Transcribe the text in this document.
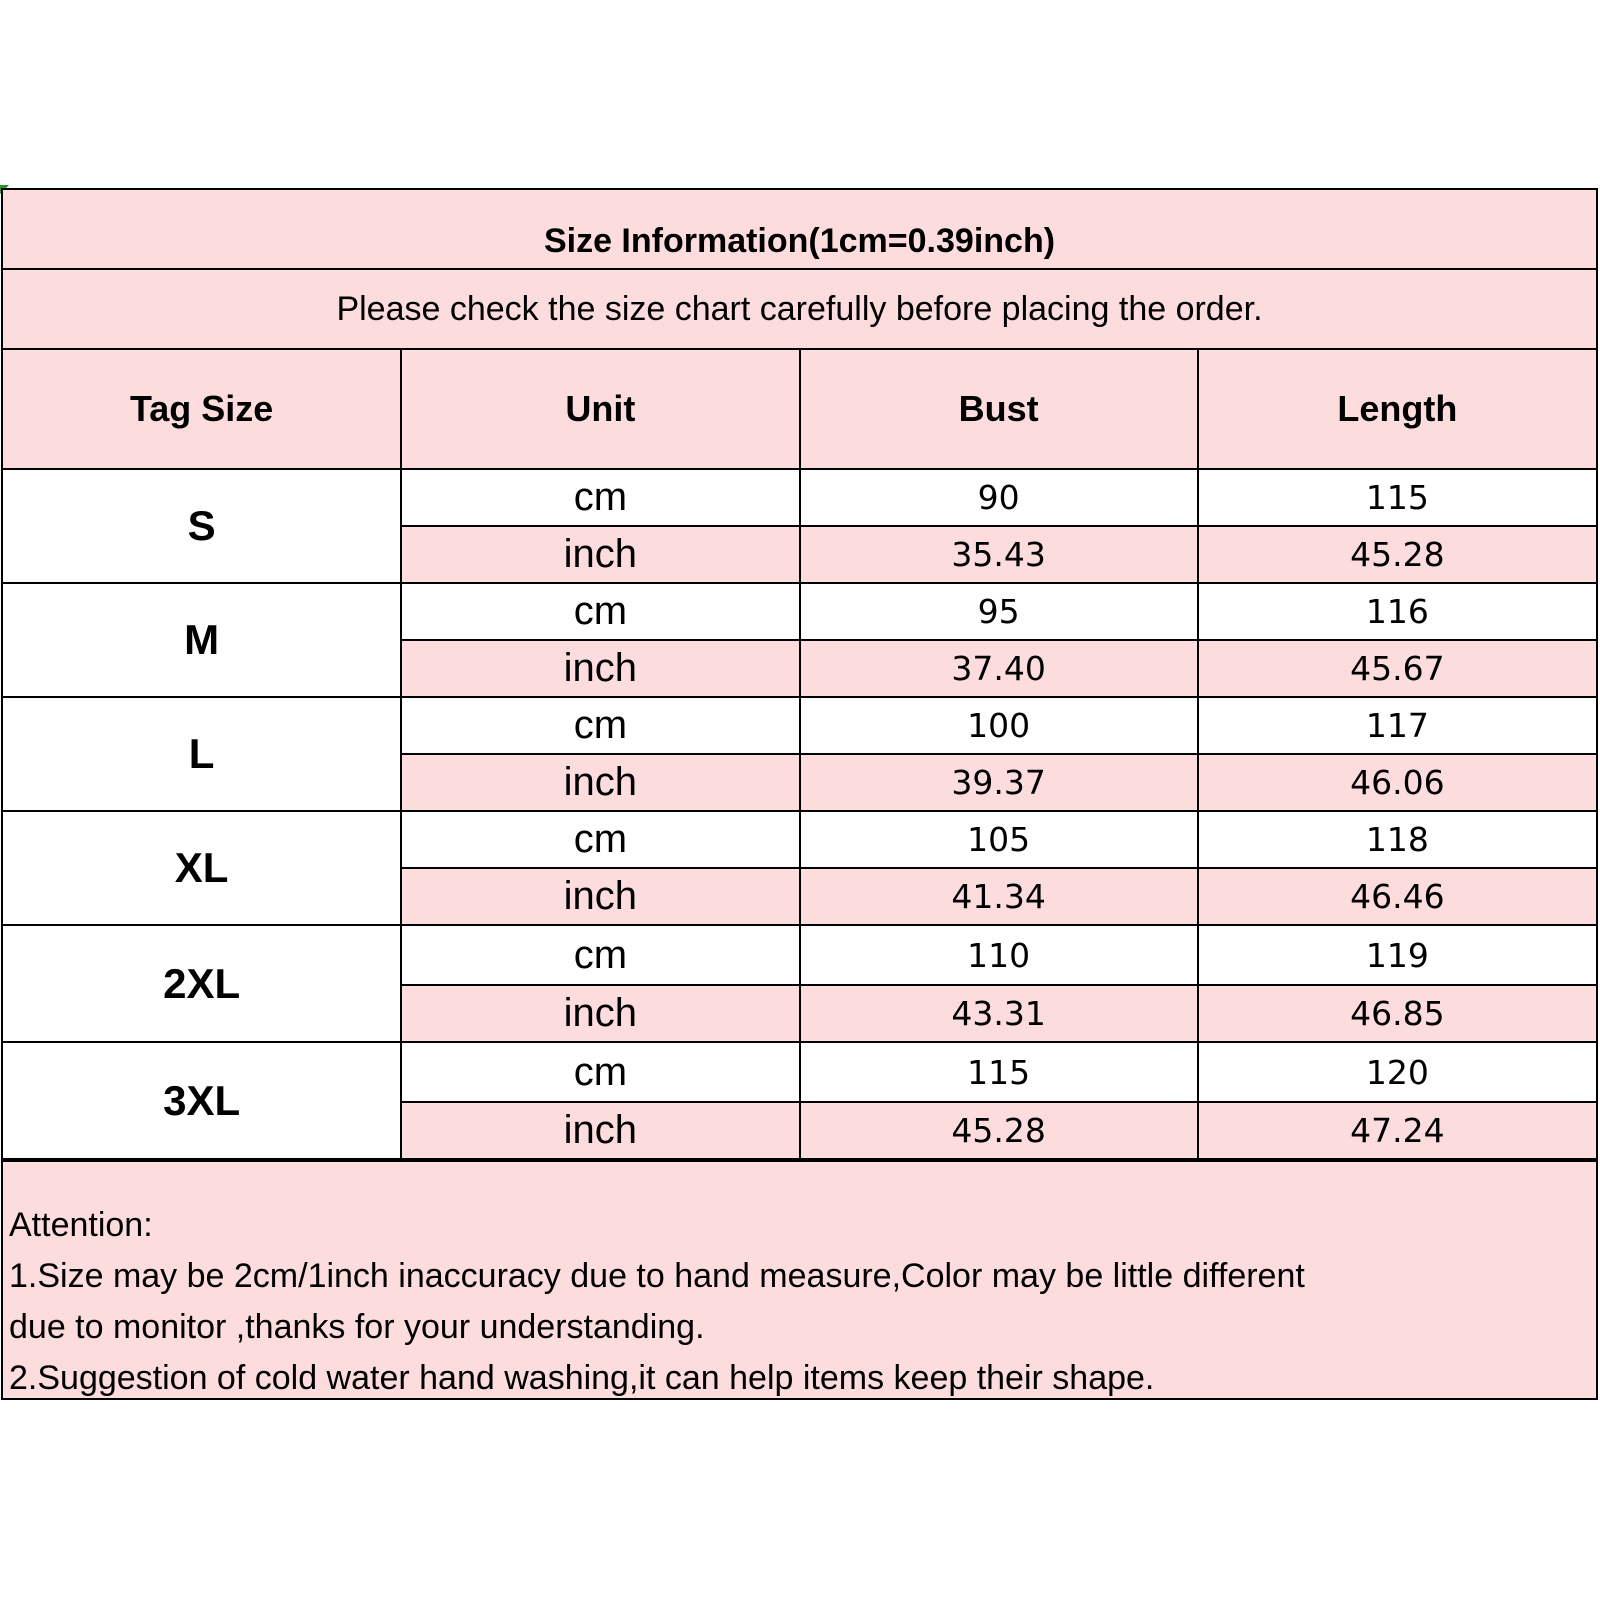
Size Information(1cm=0.39inch)
Please check the size chart carefully before placing the order.
Tag Size	Unit	Bust	Length
S	cm	90	115
	inch	35.43	45.28
M	cm	95	116
	inch	37.40	45.67
L	cm	100	117
	inch	39.37	46.06
XL	cm	105	118
	inch	41.34	46.46
2XL	cm	110	119
	inch	43.31	46.85
3XL	cm	115	120
	inch	45.28	47.24

Attention:

1.Size may be 2cm/1inch inaccuracy due to hand measure,Color may be little different

due to monitor ,thanks for your understanding.

2.Suggestion of cold water hand washing,it can help items keep their shape.
